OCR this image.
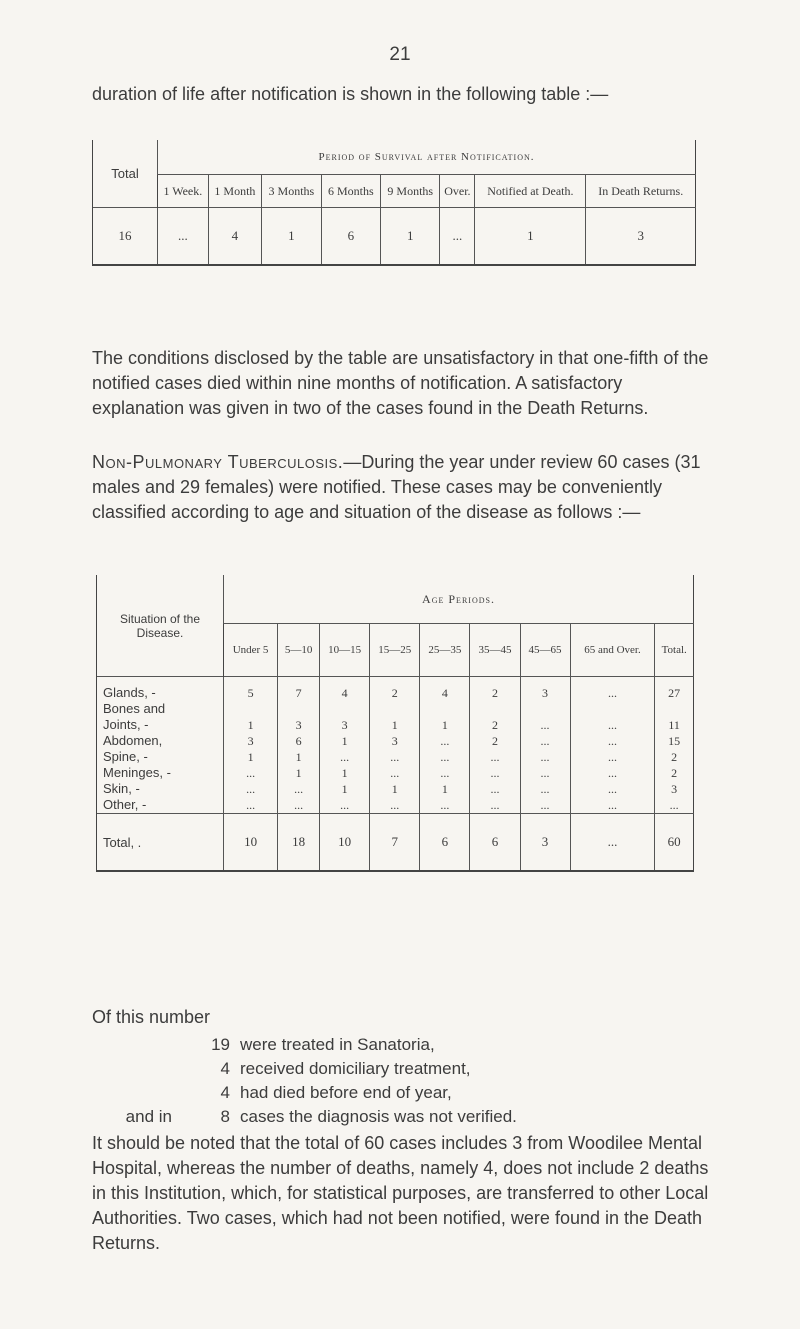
21

duration of life after notification is shown in the following table :—

Total	Period of Survival after Notification.							
	1 Week.	1 Month	3 Months	6 Months	9 Months	Over.	Notified at Death.	In Death Returns.
16	...	4	1	6	1	...	1	3

The conditions disclosed by the table are unsatisfactory in that one-fifth of the notified cases died within nine months of notification. A satisfactory explanation was given in two of the cases found in the Death Returns.

Non-Pulmonary Tuberculosis.—During the year under review 60 cases (31 males and 29 females) were notified. These cases may be conveniently classified according to age and situation of the disease as follows :—

Situation of the Disease.	Age Periods.								
	Under 5	5—10	10—15	15—25	25—35	35—45	45—65	65 and Over.	Total.
Glands, -	5	7	4	2	4	2	3	...	27
Bones and									
Joints, -	1	3	3	1	1	2	...	...	11
Abdomen,	3	6	1	3	...	2	...	...	15
Spine, -	1	1	...	...	...	...	...	...	2
Meninges, -	...	1	1	...	...	...	...	...	2
Skin, -	...	...	1	1	1	...	...	...	3
Other, -	...	...	...	...	...	...	...	...	...
Total, .	10	18	10	7	6	6	3	...	60
Of this number
19 were treated in Sanatoria,
4 received domiciliary treatment,
4 had died before end of year,
and in	8 cases the diagnosis was not verified.

It should be noted that the total of 60 cases includes 3 from Woodilee Mental Hospital, whereas the number of deaths, namely 4, does not include 2 deaths in this Institution, which, for statistical purposes, are transferred to other Local Authorities. Two cases, which had not been notified, were found in the Death Returns.
